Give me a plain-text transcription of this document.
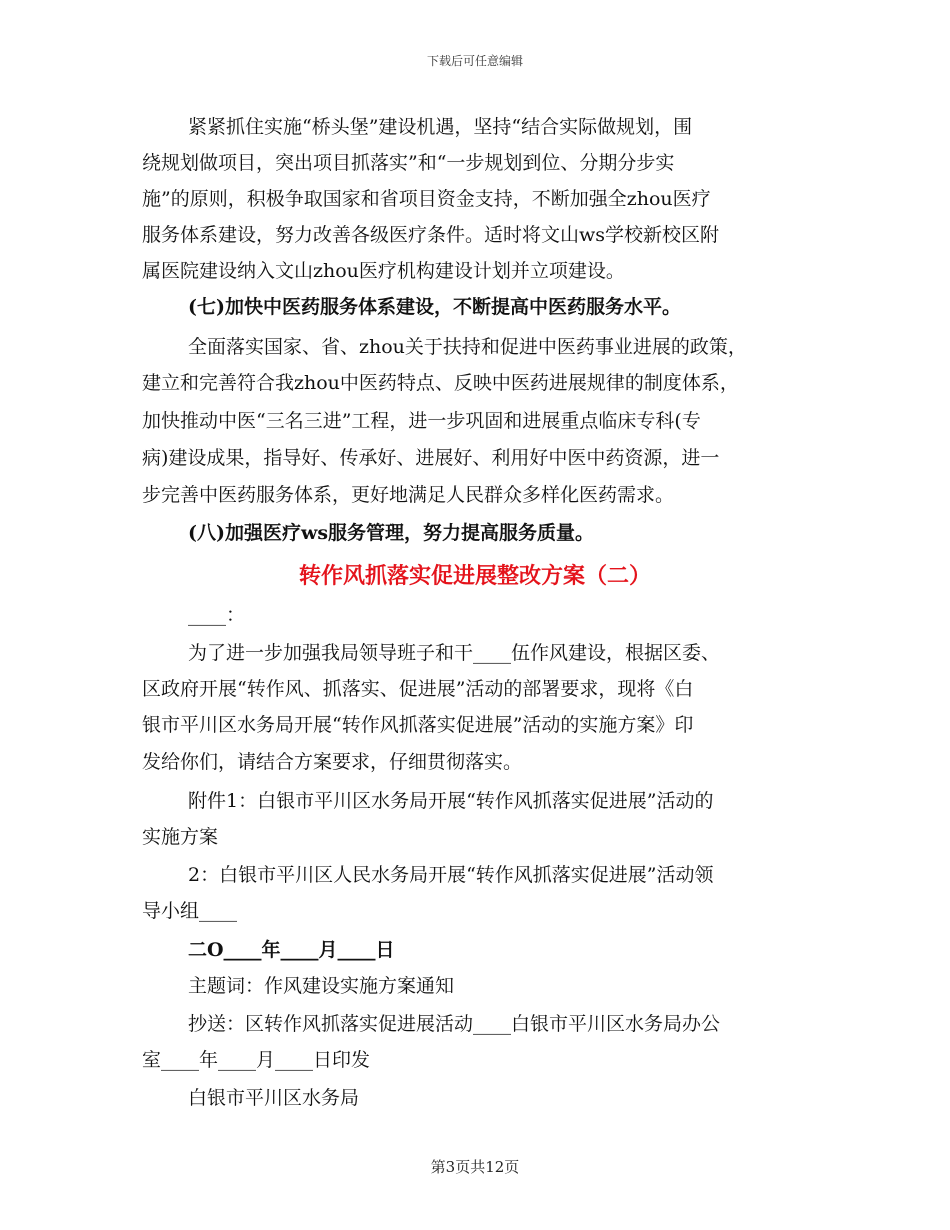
下载后可任意编辑
紧紧抓住实施“桥头堡”建设机遇，坚持“结合实际做规划，围
绕规划做项目，突出项目抓落实”和“一步规划到位、分期分步实
施”的原则，积极争取国家和省项目资金支持，不断加强全zhou医疗
服务体系建设，努力改善各级医疗条件。适时将文山ws学校新校区附
属医院建设纳入文山zhou医疗机构建设计划并立项建设。
(七)加快中医药服务体系建设，不断提高中医药服务水平。
全面落实国家、省、zhou关于扶持和促进中医药事业进展的政策，
建立和完善符合我zhou中医药特点、反映中医药进展规律的制度体系，
加快推动中医“三名三进”工程，进一步巩固和进展重点临床专科(专
病)建设成果，指导好、传承好、进展好、利用好中医中药资源，进一
步完善中医药服务体系，更好地满足人民群众多样化医药需求。
(八)加强医疗ws服务管理，努力提高服务质量。
转作风抓落实促进展整改方案（二）
____：
为了进一步加强我局领导班子和干____伍作风建设，根据区委、
区政府开展“转作风、抓落实、促进展”活动的部署要求，现将《白
银市平川区水务局开展“转作风抓落实促进展”活动的实施方案》印
发给你们，请结合方案要求，仔细贯彻落实。
附件1：白银市平川区水务局开展“转作风抓落实促进展”活动的
实施方案
2：白银市平川区人民水务局开展“转作风抓落实促进展”活动领
导小组____
二O____年____月____日
主题词：作风建设实施方案通知
抄送：区转作风抓落实促进展活动____白银市平川区水务局办公
室____年____月____日印发
白银市平川区水务局
第3页共12页
